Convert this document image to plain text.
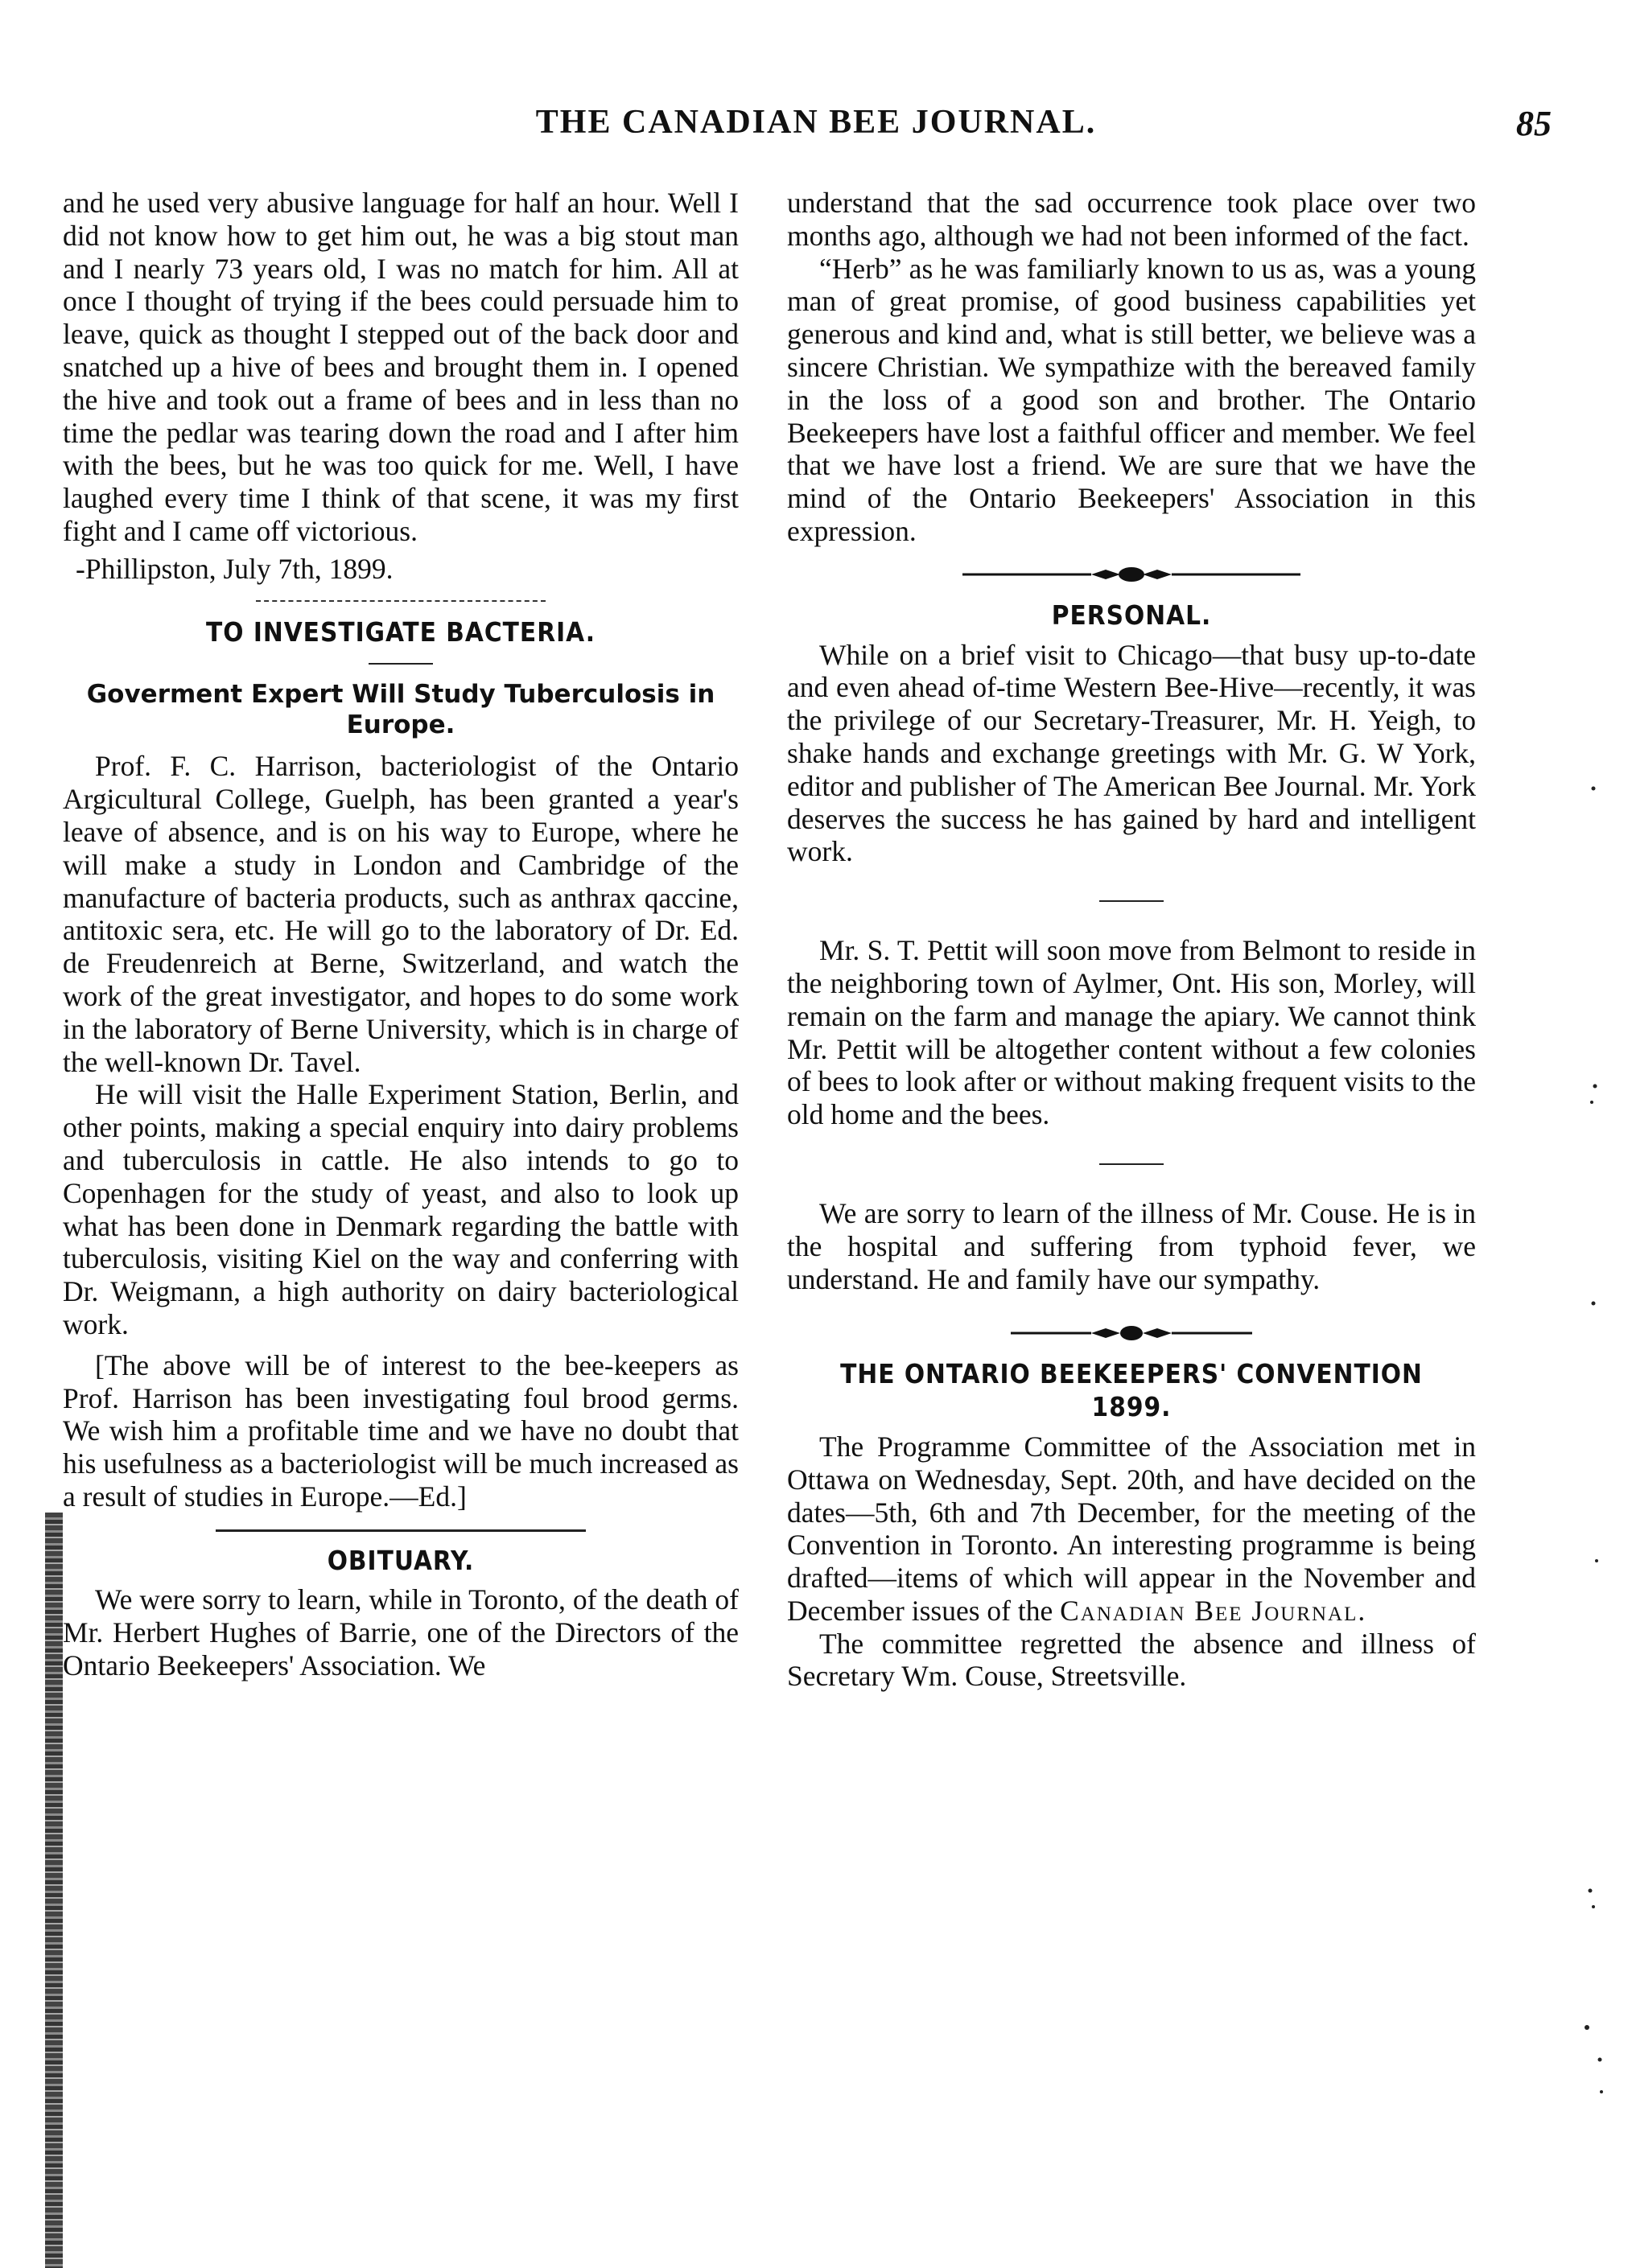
THE CANADIAN BEE JOURNAL.	85

and he used very abusive language for half an hour. Well I did not know how to get him out, he was a big stout man and I nearly 73 years old, I was no match for him. All at once I thought of trying if the bees could persuade him to leave, quick as thought I stepped out of the back door and snatched up a hive of bees and brought them in. I opened the hive and took out a frame of bees and in less than no time the pedlar was tearing down the road and I after him with the bees, but he was too quick for me. Well, I have laughed every time I think of that scene, it was my first fight and I came off victorious.

-Phillipston, July 7th, 1899.

TO INVESTIGATE BACTERIA.
Goverment Expert Will Study Tuberculosis in Europe.

Prof. F. C. Harrison, bacteriologist of the Ontario Argicultural College, Guelph, has been granted a year's leave of absence, and is on his way to Europe, where he will make a study in London and Cambridge of the manufacture of bacteria products, such as anthrax qaccine, antitoxic sera, etc. He will go to the laboratory of Dr. Ed. de Freudenreich at Berne, Switzerland, and watch the work of the great investigator, and hopes to do some work in the laboratory of Berne University, which is in charge of the well-known Dr. Tavel.

He will visit the Halle Experiment Station, Berlin, and other points, making a special enquiry into dairy problems and tuberculosis in cattle. He also intends to go to Copenhagen for the study of yeast, and also to look up what has been done in Denmark regarding the battle with tuberculosis, visiting Kiel on the way and conferring with Dr. Weigmann, a high authority on dairy bacteriological work.

[The above will be of interest to the bee-keepers as Prof. Harrison has been investigating foul brood germs. We wish him a profitable time and we have no doubt that his usefulness as a bacteriologist will be much increased as a result of studies in Europe.—Ed.]

OBITUARY.

We were sorry to learn, while in Toronto, of the death of Mr. Herbert Hughes of Barrie, one of the Directors of the Ontario Beekeepers' Association. We

understand that the sad occurrence took place over two months ago, although we had not been informed of the fact.

“Herb” as he was familiarly known to us as, was a young man of great promise, of good business capabilities yet generous and kind and, what is still better, we believe was a sincere Christian. We sympathize with the bereaved family in the loss of a good son and brother. The Ontario Beekeepers have lost a faithful officer and member. We feel that we have lost a friend. We are sure that we have the mind of the Ontario Beekeepers' Association in this expression.

PERSONAL.

While on a brief visit to Chicago—that busy up-to-date and even ahead of-time Western Bee-Hive—recently, it was the privilege of our Secretary-Treasurer, Mr. H. Yeigh, to shake hands and exchange greetings with Mr. G. W York, editor and publisher of The American Bee Journal. Mr. York deserves the success he has gained by hard and intelligent work.

Mr. S. T. Pettit will soon move from Belmont to reside in the neighboring town of Aylmer, Ont. His son, Morley, will remain on the farm and manage the apiary. We cannot think Mr. Pettit will be altogether content without a few colonies of bees to look after or without making frequent visits to the old home and the bees.

We are sorry to learn of the illness of Mr. Couse. He is in the hospital and suffering from typhoid fever, we understand. He and family have our sympathy.

THE ONTARIO BEEKEEPERS' CONVENTION
1899.

The Programme Committee of the Association met in Ottawa on Wednesday, Sept. 20th, and have decided on the dates—5th, 6th and 7th December, for the meeting of the Convention in Toronto. An interesting programme is being drafted—items of which will appear in the November and December issues of the Canadian Bee Journal.

The committee regretted the absence and illness of Secretary Wm. Couse, Streetsville.
